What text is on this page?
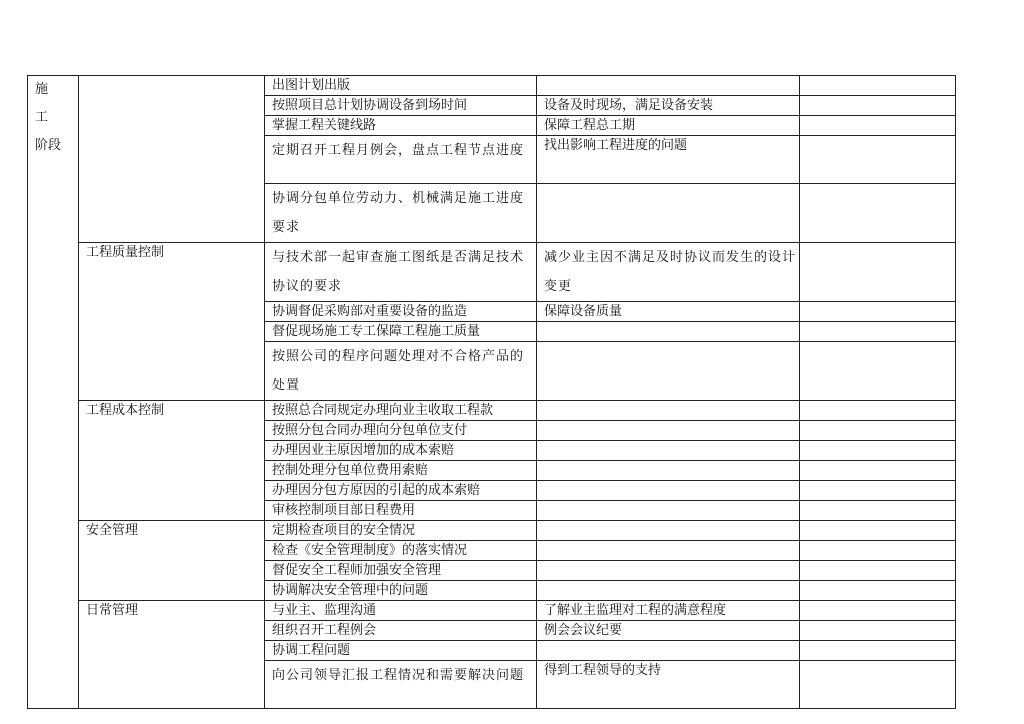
施 工
阶段		出图计划出版		
		按照项目总计划协调设备到场时间	设备及时现场，满足设备安装	
		掌握工程关键线路	保障工程总工期	
		定期召开工程月例会，盘点工程节点进度	找出影响工程进度的问题	
		协调分包单位劳动力、机械满足施工进度要求		
	工程质量控制	与技术部一起审查施工图纸是否满足技术协议的要求	减少业主因不满足及时协议而发生的设计变更	
		协调督促采购部对重要设备的监造	保障设备质量	
		督促现场施工专工保障工程施工质量		
		按照公司的程序问题处理对不合格产品的处置		
	工程成本控制	按照总合同规定办理向业主收取工程款		
		按照分包合同办理向分包单位支付		
		办理因业主原因增加的成本索赔		
		控制处理分包单位费用索赔		
		办理因分包方原因的引起的成本索赔		
		审核控制项目部日程费用		
	安全管理	定期检查项目的安全情况		
		检查《安全管理制度》的落实情况		
		督促安全工程师加强安全管理		
		协调解决安全管理中的问题		
	日常管理	与业主、监理沟通	了解业主监理对工程的满意程度	
		组织召开工程例会	例会会议纪要	
		协调工程问题		
		向公司领导汇报工程情况和需要解决问题	得到工程领导的支持	
